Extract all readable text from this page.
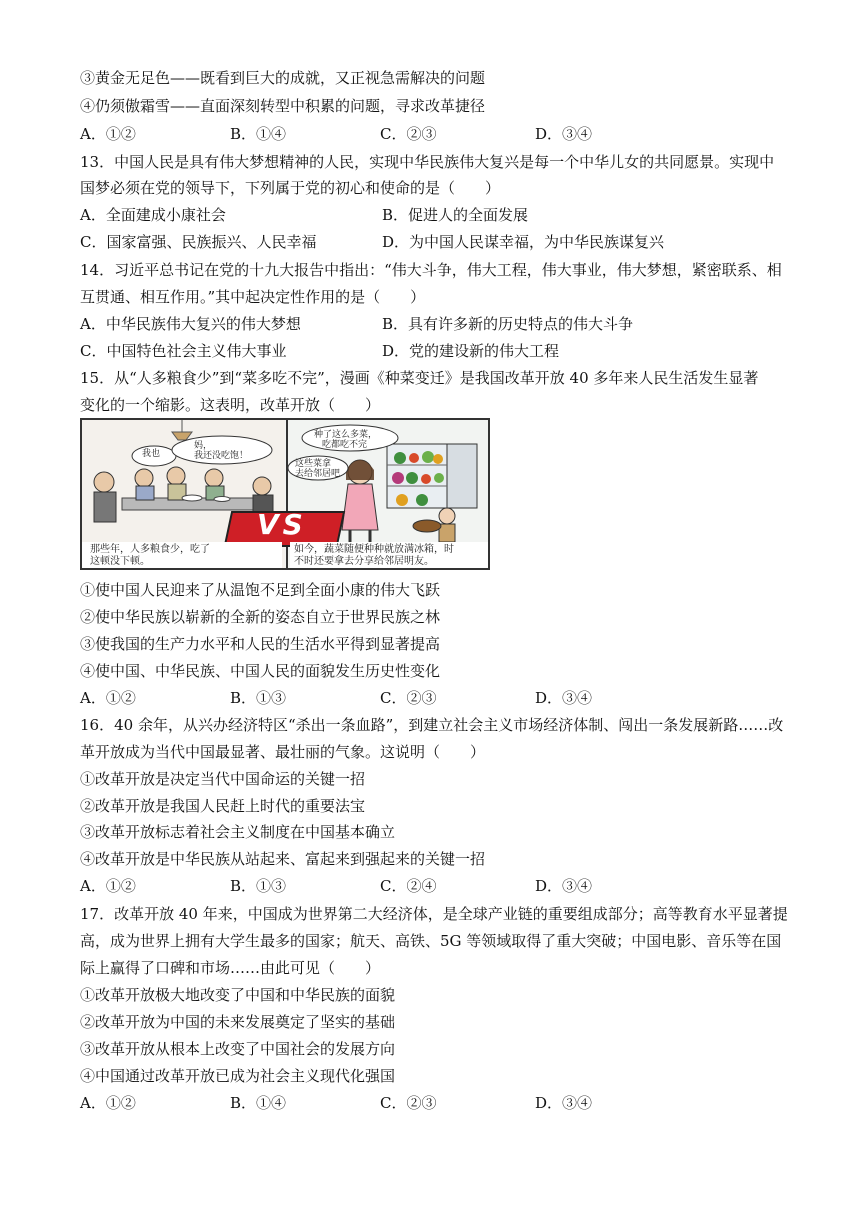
③黄金无足色——既看到巨大的成就，又正视急需解决的问题
④仍须傲霜雪——直面深刻转型中积累的问题，寻求改革捷径
A．①②	B．①④	C．②③	D．③④
13．中国人民是具有伟大梦想精神的人民，实现中华民族伟大复兴是每一个中华儿女的共同愿景。实现中
国梦必须在党的领导下，下列属于党的初心和使命的是（　　）
A．全面建成小康社会	B．促进人的全面发展
C．国家富强、民族振兴、人民幸福	D．为中国人民谋幸福，为中华民族谋复兴
14．习近平总书记在党的十九大报告中指出：“伟大斗争，伟大工程，伟大事业，伟大梦想，紧密联系、相
互贯通、相互作用。”其中起决定性作用的是（　　）
A．中华民族伟大复兴的伟大梦想	B．具有许多新的历史特点的伟大斗争
C．中国特色社会主义伟大事业	D．党的建设新的伟大工程
15．从“人多粮食少”到“菜多吃不完”，漫画《种菜变迁》是我国改革开放 40 多年来人民生活发生显著
变化的一个缩影。这表明，改革开放（　　）
我也
妈，
我还没吃饱！
VS
那些年，人多粮食少，吃了
这顿没下顿。
种了这么多菜，
吃都吃不完
这些菜拿
去给邻居吧
如今，蔬菜随便种种就放满冰箱，时
不时还要拿去分享给邻居明友。
①使中国人民迎来了从温饱不足到全面小康的伟大飞跃
②使中华民族以崭新的全新的姿态自立于世界民族之林
③使我国的生产力水平和人民的生活水平得到显著提高
④使中国、中华民族、中国人民的面貌发生历史性变化
A．①②	B．①③	C．②③	D．③④
16．40 余年，从兴办经济特区“杀出一条血路”，到建立社会主义市场经济体制、闯出一条发展新路……改
革开放成为当代中国最显著、最壮丽的气象。这说明（　　）
①改革开放是决定当代中国命运的关键一招
②改革开放是我国人民赶上时代的重要法宝
③改革开放标志着社会主义制度在中国基本确立
④改革开放是中华民族从站起来、富起来到强起来的关键一招
A．①②	B．①③	C．②④	D．③④
17．改革开放 40 年来，中国成为世界第二大经济体，是全球产业链的重要组成部分；高等教育水平显著提
高，成为世界上拥有大学生最多的国家；航天、高铁、5G 等领域取得了重大突破；中国电影、音乐等在国
际上赢得了口碑和市场……由此可见（　　）
①改革开放极大地改变了中国和中华民族的面貌
②改革开放为中国的未来发展奠定了坚实的基础
③改革开放从根本上改变了中国社会的发展方向
④中国通过改革开放已成为社会主义现代化强国
A．①②	B．①④	C．②③	D．③④
